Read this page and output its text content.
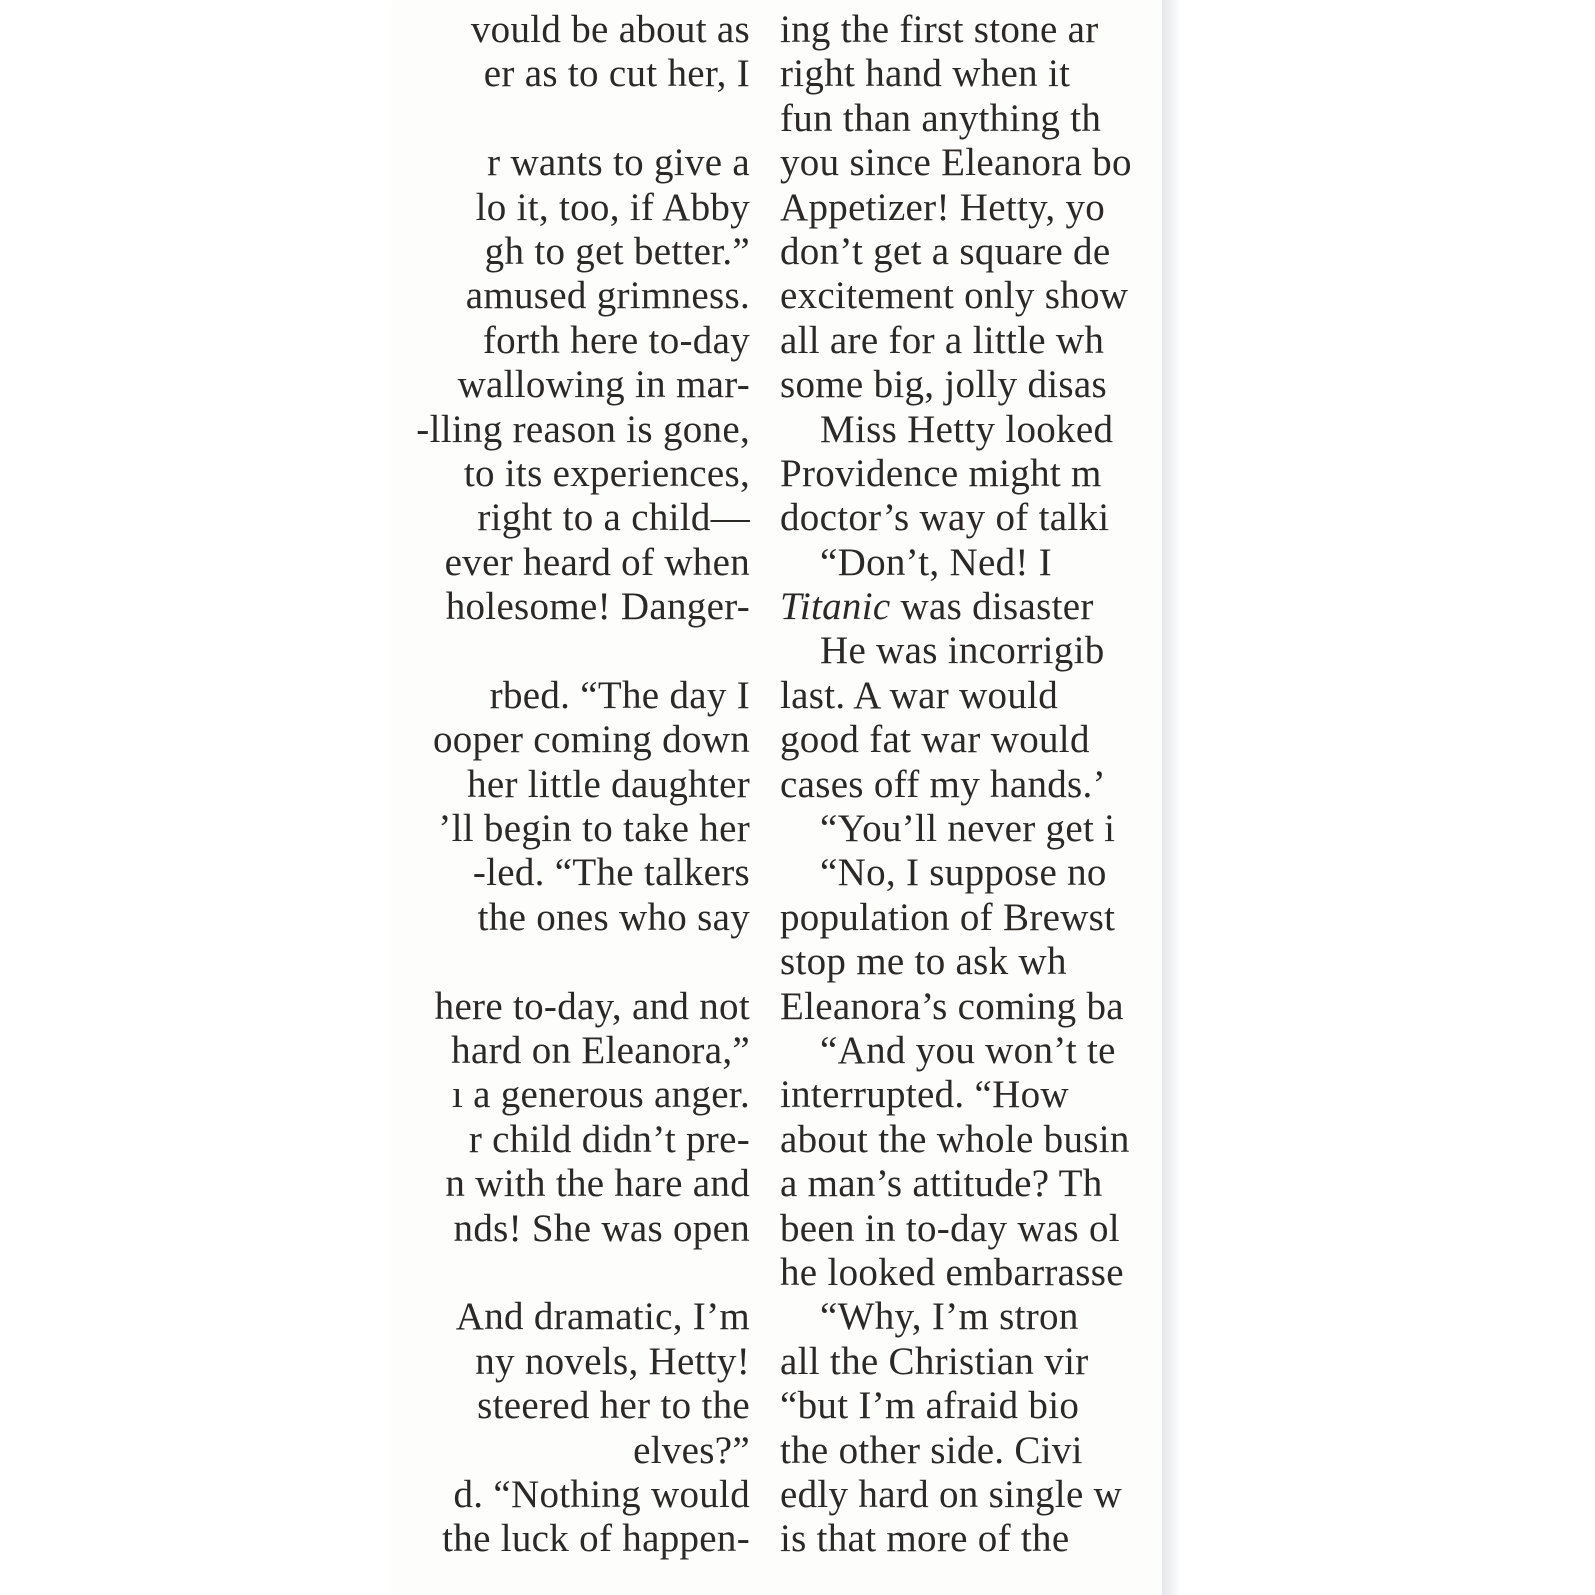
vould be about as
er as to cut her, I
r wants to give a
lo it, too, if Abby
gh to get better.”
amused grimness.
forth here to-day
wallowing in mar-
-lling reason is gone,
to its experiences,
right to a child—
ever heard of when
holesome! Danger-
rbed. “The day I
ooper coming down
her little daughter
’ll begin to take her
-led. “The talkers
the ones who say
here to-day, and not
hard on Eleanora,”
ı a generous anger.
r child didn’t pre-
n with the hare and
nds! She was open
And dramatic, I’m
ny novels, Hetty!
steered her to the
elves?”
d. “Nothing would
the luck of happen-
ing the first stone ar
right hand when it
fun than anything th
you since Eleanora bo
Appetizer! Hetty, yo
don’t get a square de
excitement only show
all are for a little wh
some big, jolly disas
Miss Hetty looked
Providence might m
doctor’s way of talki
“Don’t, Ned! I
Titanic was disaster
He was incorrigib
last. A war would
good fat war would
cases off my hands.’
“You’ll never get i
“No, I suppose no
population of Brewst
stop me to ask wh
Eleanora’s coming ba
“And you won’t te
interrupted. “How
about the whole busin
a man’s attitude? Th
been in to-day was ol
he looked embarrasse
“Why, I’m stron
all the Christian vir
“but I’m afraid bio
the other side. Civi
edly hard on single w
is that more of the
